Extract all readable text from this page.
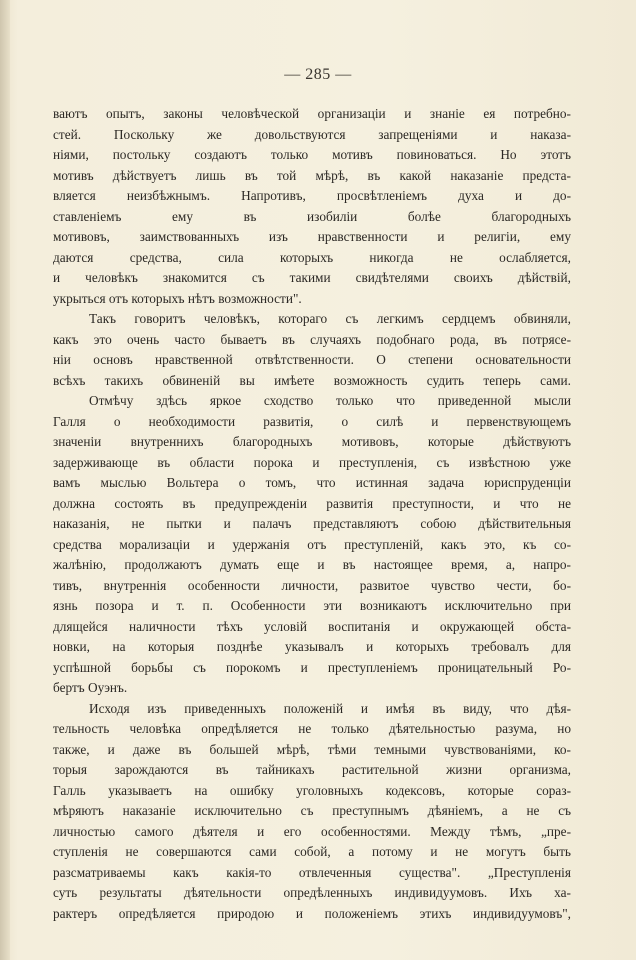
— 285 —
ваютъ опытъ, законы человѣческой организаціи и знаніе ея потребно-
стей. Поскольку же довольствуются запрещеніями и наказа-
ніями, постольку создаютъ только мотивъ повиноваться. Но этотъ
мотивъ дѣйствуетъ лишь въ той мѣрѣ, въ какой наказаніе предста-
вляется неизбѣжнымъ. Напротивъ, просвѣтленіемъ духа и до-
ставленіемъ ему въ изобиліи болѣе благородныхъ
мотивовъ, заимствованныхъ изъ нравственности и религіи, ему
даются средства, сила которыхъ никогда не ослабляется,
и человѣкъ знакомится съ такими свидѣтелями своихъ дѣйствій,
укрыться отъ которыхъ нѣтъ возможности".
Такъ говоритъ человѣкъ, котораго съ легкимъ сердцемъ обвиняли,
какъ это очень часто бываетъ въ случаяхъ подобнаго рода, въ потрясе-
ніи основъ нравственной отвѣтственности. О степени основательности
всѣхъ такихъ обвиненій вы имѣете возможность судить теперь сами.
Отмѣчу здѣсь яркое сходство только что приведенной мысли
Галля о необходимости развитія, о силѣ и первенствующемъ
значеніи внутреннихъ благородныхъ мотивовъ, которые дѣйствуютъ
задерживающе въ области порока и преступленія, съ извѣстною уже
вамъ мыслью Вольтера о томъ, что истинная задача юриспруденціи
должна состоять въ предупрежденіи развитія преступности, и что не
наказанія, не пытки и палачъ представляютъ собою дѣйствительныя
средства морализаціи и удержанія отъ преступленій, какъ это, къ со-
жалѣнію, продолжаютъ думать еще и въ настоящее время, а, напро-
тивъ, внутреннія особенности личности, развитое чувство чести, бо-
язнь позора и т. п. Особенности эти возникаютъ исключительно при
длящейся наличности тѣхъ условій воспитанія и окружающей обста-
новки, на которыя позднѣе указывалъ и которыхъ требовалъ для
успѣшной борьбы съ порокомъ и преступленіемъ проницательный Ро-
бертъ Оуэнъ.
Исходя изъ приведенныхъ положеній и имѣя въ виду, что дѣя-
тельность человѣка опредѣляется не только дѣятельностью разума, но
также, и даже въ большей мѣрѣ, тѣми темными чувствованіями, ко-
торыя зарождаются въ тайникахъ растительной жизни организма,
Галль указываетъ на ошибку уголовныхъ кодексовъ, которые сораз-
мѣряютъ наказаніе исключительно съ преступнымъ дѣяніемъ, а не съ
личностью самого дѣятеля и его особенностями. Между тѣмъ, „пре-
ступленія не совершаются сами собой, а потому и не могутъ быть
разсматриваемы какъ какія-то отвлеченныя существа". „Преступленія
суть результаты дѣятельности опредѣленныхъ индивидуумовъ. Ихъ ха-
рактеръ опредѣляется природою и положеніемъ этихъ индивидуумовъ",
